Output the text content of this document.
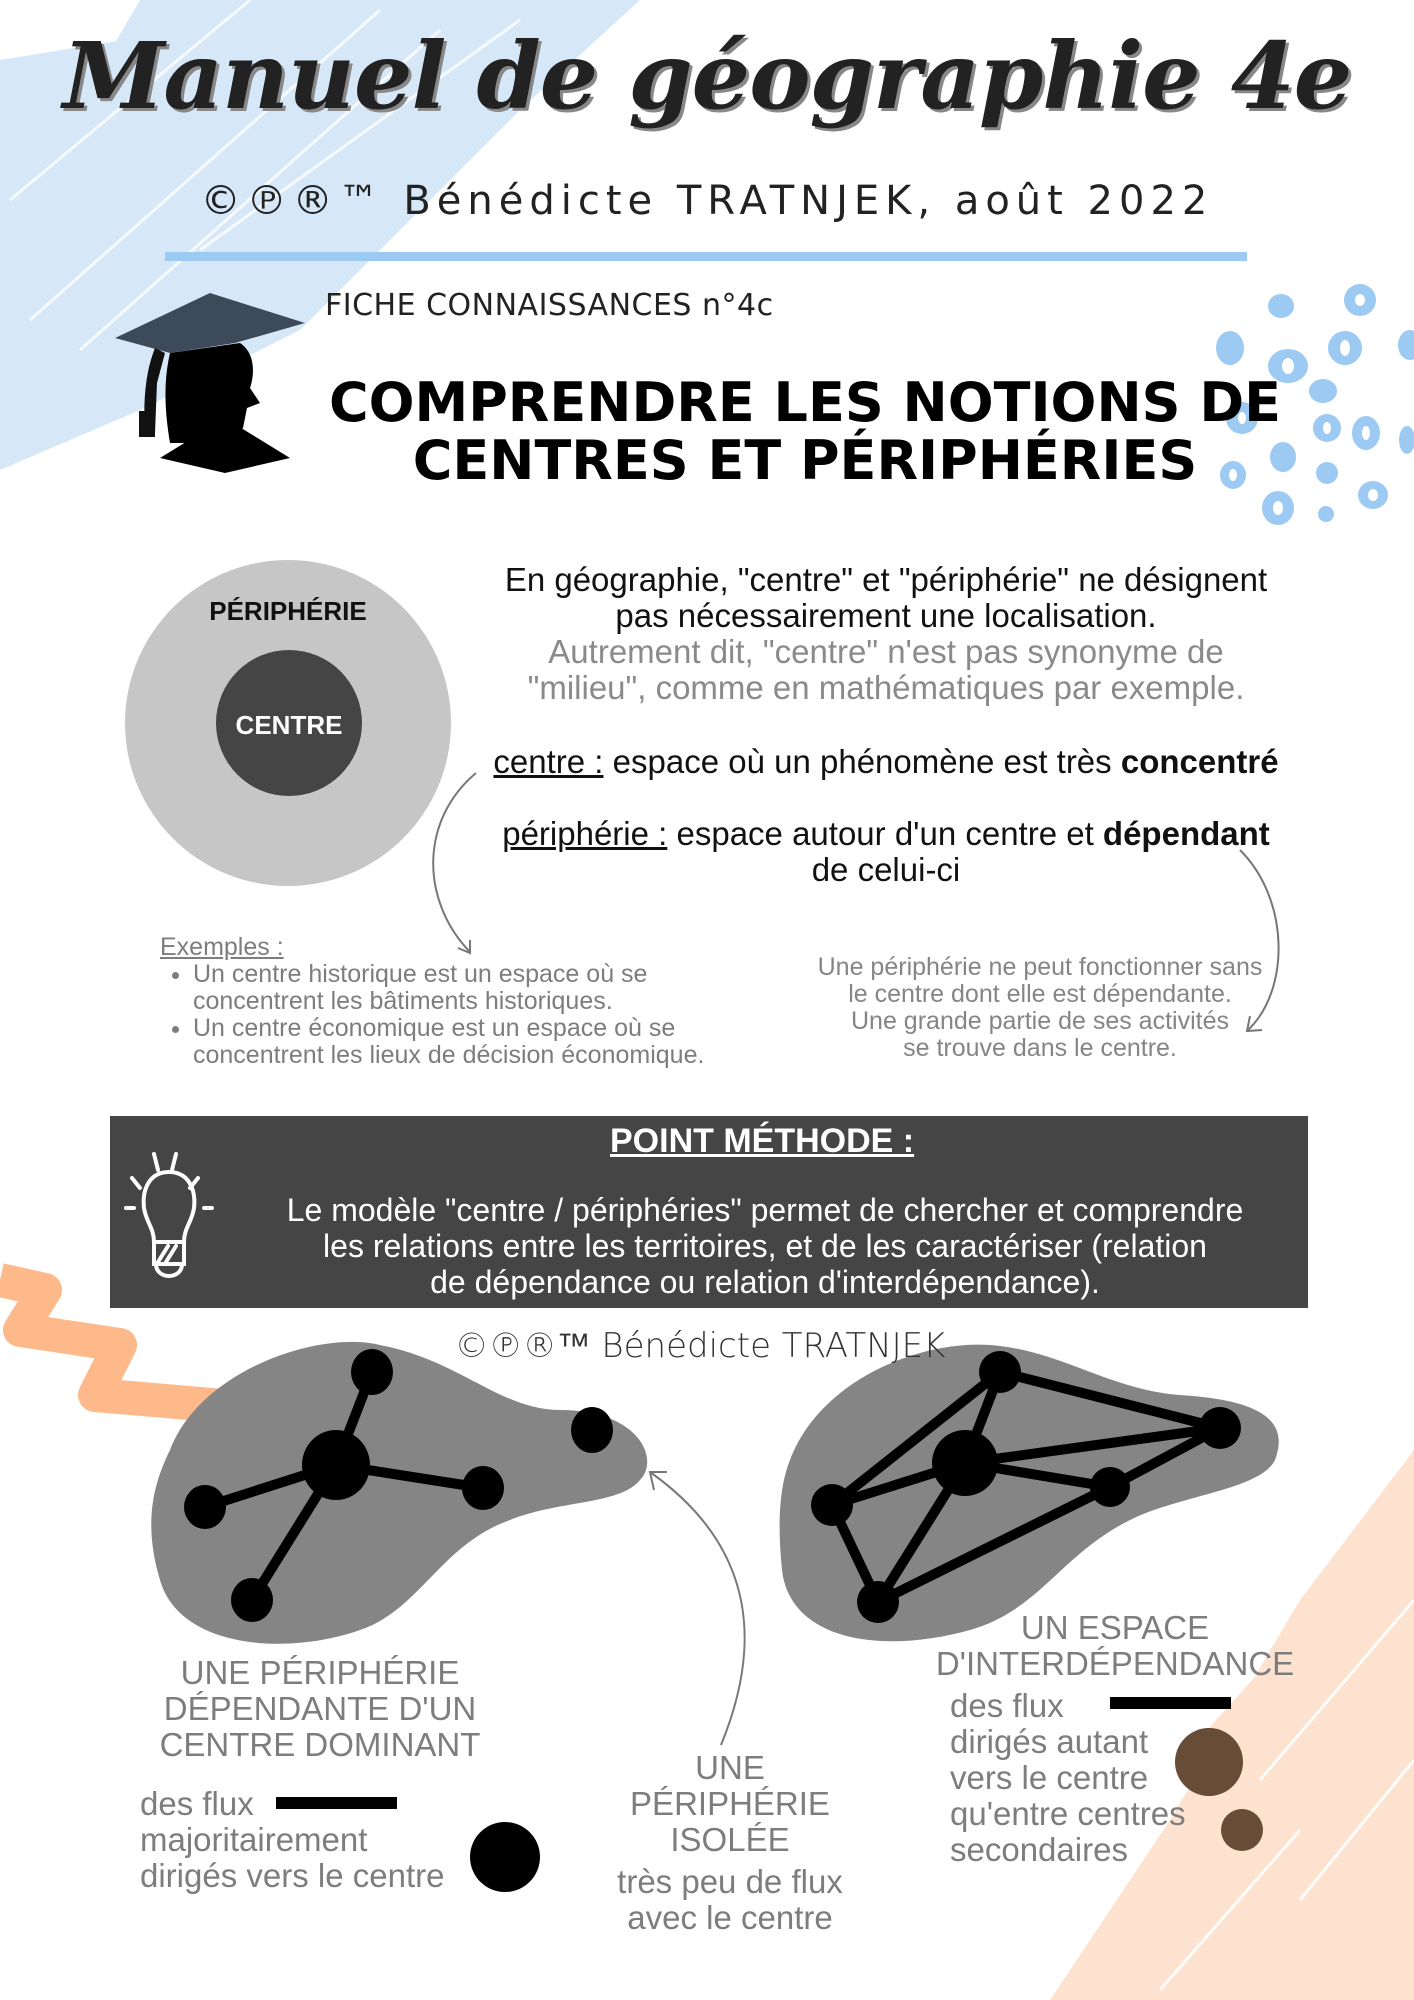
Manuel de géographie 4e
©℗®™ Bénédicte TRATNJEK, août 2022
FICHE CONNAISSANCES n°4c
COMPRENDRE LES NOTIONS DE
CENTRES ET PÉRIPHÉRIES
PÉRIPHÉRIE
CENTRE
En géographie, "centre" et "périphérie" ne désignent
pas nécessairement une localisation.
Autrement dit, "centre" n'est pas synonyme de
"milieu", comme en mathématiques par exemple.
centre : espace où un phénomène est très concentré
périphérie : espace autour d'un centre et dépendant
de celui-ci
Exemples :
• Un centre historique est un espace où se concentrent les bâtiments historiques.
• Un centre économique est un espace où se concentrent les lieux de décision économique.
Une périphérie ne peut fonctionner sans
le centre dont elle est dépendante.
Une grande partie de ses activités
se trouve dans le centre.
POINT MÉTHODE :
Le modèle "centre / périphéries" permet de chercher et comprendre
les relations entre les territoires, et de les caractériser (relation
de dépendance ou relation d'interdépendance).
©℗®™ Bénédicte TRATNJEK
UNE PÉRIPHÉRIE
DÉPENDANTE D'UN
CENTRE DOMINANT
des flux
majoritairement
dirigés vers le centre
UNE
PÉRIPHÉRIE
ISOLÉE
très peu de flux
avec le centre
UN ESPACE
D'INTERDÉPENDANCE
des flux
dirigés autant
vers le centre
qu'entre centres
secondaires
